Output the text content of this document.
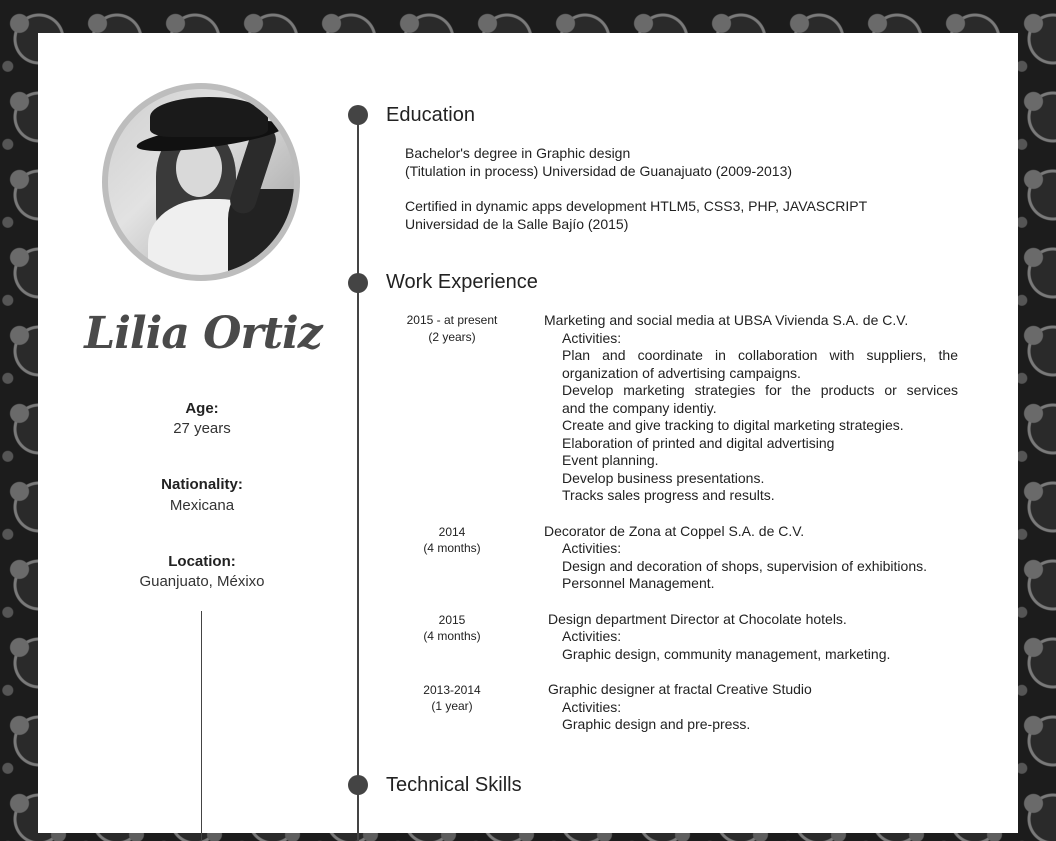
Lilia Ortiz
Age:
27 years
Nationality:
Mexicana
Location:
Guanjuato, Méxixo
Education
Bachelor's degree in Graphic design
(Titulation in process) Universidad de Guanajuato (2009-2013)
Certified in dynamic apps development HTLM5, CSS3, PHP, JAVASCRIPT
Universidad de la Salle Bajío (2015)
Work Experience
2015 - at present
(2 years)
Marketing and social media at UBSA Vivienda S.A. de C.V.
Activities:
Plan and coordinate in collaboration with suppliers, the
organization of advertising campaigns.
Develop marketing strategies for the products or services
and the company identiy.
Create and give tracking to digital marketing strategies.
Elaboration of printed and digital advertising
Event planning.
Develop business presentations.
Tracks sales progress and results.
2014
(4 months)
Decorator de Zona at Coppel S.A. de C.V.
Activities:
Design and decoration of shops, supervision of exhibitions.
Personnel Management.
2015
(4 months)
Design department Director at Chocolate hotels.
Activities:
Graphic design, community management, marketing.
2013-2014
(1 year)
Graphic designer at fractal Creative Studio
Activities:
Graphic design and pre-press.
Technical Skills
